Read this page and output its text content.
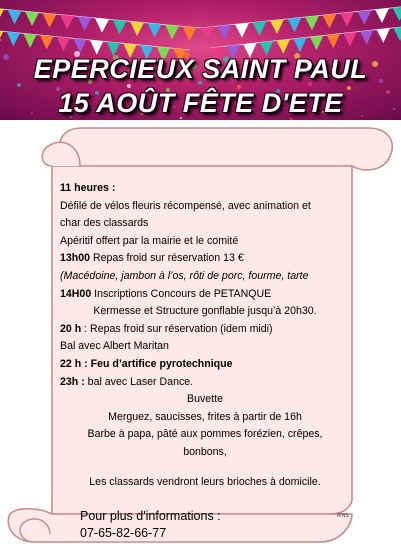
EPERCIEUX SAINT PAUL
15 AOÛT FÊTE D'ETE
11 heures :
Défilé de vélos fleuris récompensé, avec animation et
char des classards
Apéritif offert par la mairie et le comité
13h00 Repas froid sur réservation 13 €
(Macédoine, jambon à l’os, rôti de porc, fourme, tarte
14H00 Inscriptions Concours de PETANQUE
Kermesse et Structure gonflable jusqu’à 20h30.
20 h : Repas froid sur réservation (idem midi)
Bal avec Albert Maritan
22 h : Feu d’artifice pyrotechnique
23h : bal avec Laser Dance.
Buvette
Merguez, saucisses, frites à partir de 16h
Barbe à papa, pâté aux pommes forézien, crêpes,
bonbons,
Les classards vendront leurs brioches à domicile.
Pour plus d'informations :
07-65-82-66-77
IPNS
